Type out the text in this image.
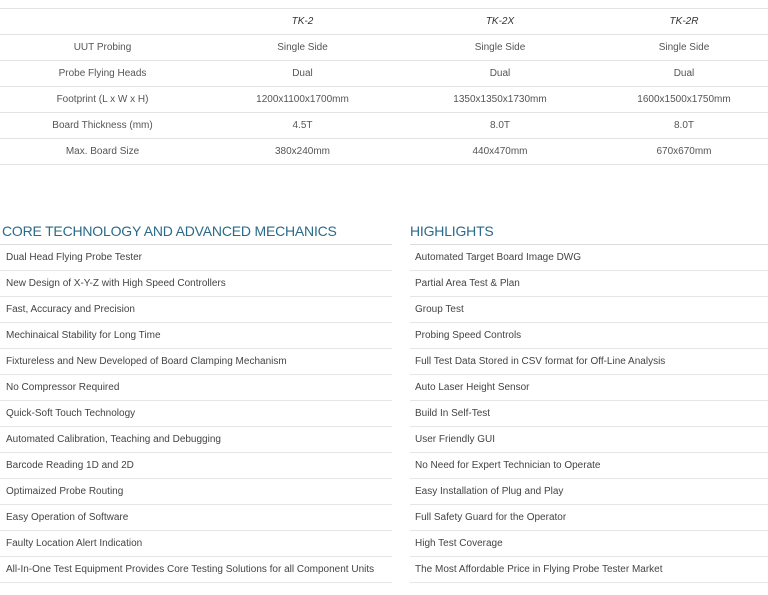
	TK-2	TK-2X	TK-2R
UUT Probing	Single Side	Single Side	Single Side
Probe Flying Heads	Dual	Dual	Dual
Footprint (L x W x H)	1200x1100x1700mm	1350x1350x1730mm	1600x1500x1750mm
Board Thickness (mm)	4.5T	8.0T	8.0T
Max. Board Size	380x240mm	440x470mm	670x670mm
CORE TECHNOLOGY AND ADVANCED MECHANICS
Dual Head Flying Probe Tester
New Design of X-Y-Z with High Speed Controllers
Fast, Accuracy and Precision
Mechinaical Stability for Long Time
Fixtureless and New Developed of Board Clamping Mechanism
No Compressor Required
Quick-Soft Touch Technology
Automated Calibration, Teaching and Debugging
Barcode Reading 1D and 2D
Optimaized Probe Routing
Easy Operation of Software
Faulty Location Alert Indication
All-In-One Test Equipment Provides Core Testing Solutions for all Component Units
HIGHLIGHTS
Automated Target Board Image DWG
Partial Area Test & Plan
Group Test
Probing Speed Controls
Full Test Data Stored in CSV format for Off-Line Analysis
Auto Laser Height Sensor
Build In Self-Test
User Friendly GUI
No Need for Expert Technician to Operate
Easy Installation of Plug and Play
Full Safety Guard for the Operator
High Test Coverage
The Most Affordable Price in Flying Probe Tester Market
